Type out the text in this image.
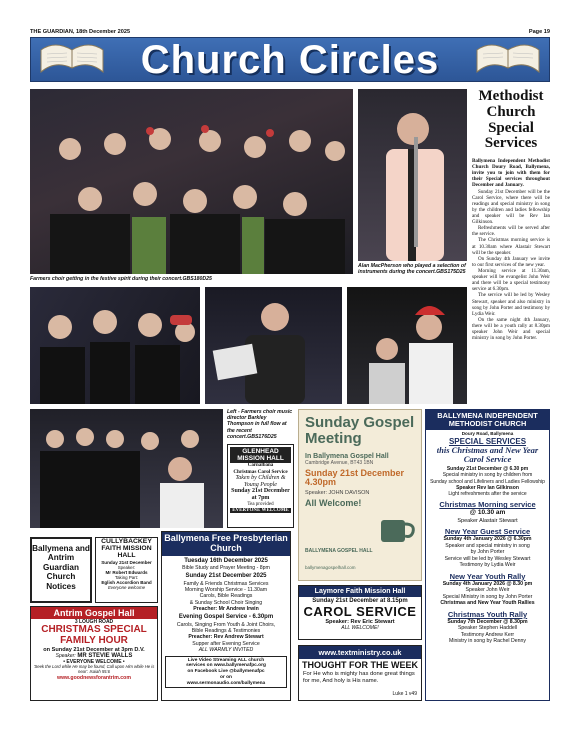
THE GUARDIAN, 18th December 2025	Page 19
Church Circles
Farmers choir getting in the festive spirit during their concert.GBS180D25
Alan MacPherson who played a selection of instruments during the concert.GBS175D25
Methodist Church Special Services
Ballymena Independent Methodist Church Doury Road, Ballymena, invite you to join with them for their Special services throughout December and January.
Sunday 21st December will be the Carol Service, where there will be readings and special ministry in song by the children and ladies fellowship and speaker will be Rev Ian Gilkinson.
Refreshments will be served after the service.
The Christmas morning service is at 10.30am where Alastair Stewart will be the speaker.
On Sunday 4th January we invite to our first services of the new year.
Morning service at 11.30am, speaker will be evangelist John Weir and there will be a special testimony service at 6.30pm.
The service will be led by Wesley Stewart, speaker and also ministry in song by John Porter and testimony by Lydia Weir.
On the same night 4th January, there will be a youth rally at 8.30pm speaker John Weir and special ministry in song by John Porter.
Left - Farmers choir music director Barkley Thompson in full flow at the recent concert.GBS176D25
GLENHEAD MISSION HALL
Carnalbana
Christmas Carol Service
Taken by Children & Young People
Sunday 21st December at 7pm
Tea provided
EVERYONE WELCOME
Sunday Gospel Meeting
In Ballymena Gospel Hall
Cambridge Avenue, BT43 1BN
Sunday 21st December 4.30pm
Speaker: JOHN DAVISON
All Welcome!
BALLYMENA GOSPEL HALL
ballymenagospelhall.com
BALLYMENA INDEPENDENT METHODIST CHURCH
Doury Road, Ballymena
SPECIAL SERVICES
this Christmas and New Year Carol Service
Sunday 21st December @ 6.30 pm
Special ministry in song by children from
Sunday school and Lifeliners and Ladies Fellowship
Speaker Rev Ian Gilkinson
Light refreshments after the service
Christmas Morning service
@ 10.30 am
Speaker Alastair Stewart
New Year Guest Service
Sunday 4th January 2026 @ 6.30pm
Speaker and special ministry in song
by John Porter
Service will be led by Wesley Stewart
Testimony by Lydia Weir
New Year Youth Rally
Sunday 4th January 2026 @ 8.30 pm
Speaker John Weir
Special Ministry in song by John Porter
Christmas and New Year Youth Rallies
Christmas Youth Rally
Sunday 7th December @ 8.30pm
Speaker Stephen Haddell
Testimony Andrew Kerr
Ministry in song by Rachel Denny
Ballymena and Antrim Guardian Church Notices
CULLYBACKEY FAITH MISSION HALL
Sunday 21st December
Speaker:
Mr Robert Edwards
Taking Part:
Eglish Accordion Band
Everyone welcome
Ballymena Free Presbyterian Church
Tuesday 16th December 2025
Bible Study and Prayer Meeting - 8pm
Sunday 21st December 2025
Family & Friends Christmas Services
Morning Worship Service - 11.30am
Carols, Bible Readings
& Sunday School Choir Singing
Preacher: Mr Andrew Irwin
Evening Gospel Service - 6.30pm
Carols, Singing From Youth & Joint Choirs,
Bible Readings & Testimonies
Preacher: Rev Andrew Stewart
Supper after Evening Service
ALL WARMLY INVITED
Live Video Streaming ALL church
services on www.ballymenafpc.org
on Facebook Live @ballymenafpc
or on
www.sermonaudio.com/ballymena
Antrim Gospel Hall
3 LOUGH ROAD
CHRISTMAS SPECIAL FAMILY HOUR
on Sunday 21st December at 3pm D.V.
Speaker: MR STEVIE WALLS
• EVERYONE WELCOME •
'Seek the Lord while He may be found, Call upon Him while He is near'. Isaiah 55:6
www.goodnewsforantrim.com
Laymore Faith Mission Hall
Sunday 21st December at 8.15pm
CAROL SERVICE
Speaker: Rev Eric Stewart
ALL WELCOME!
www.textministry.co.uk
THOUGHT FOR THE WEEK
For He who is mighty has done great things for me, And holy is His name.
Luke 1 v49
